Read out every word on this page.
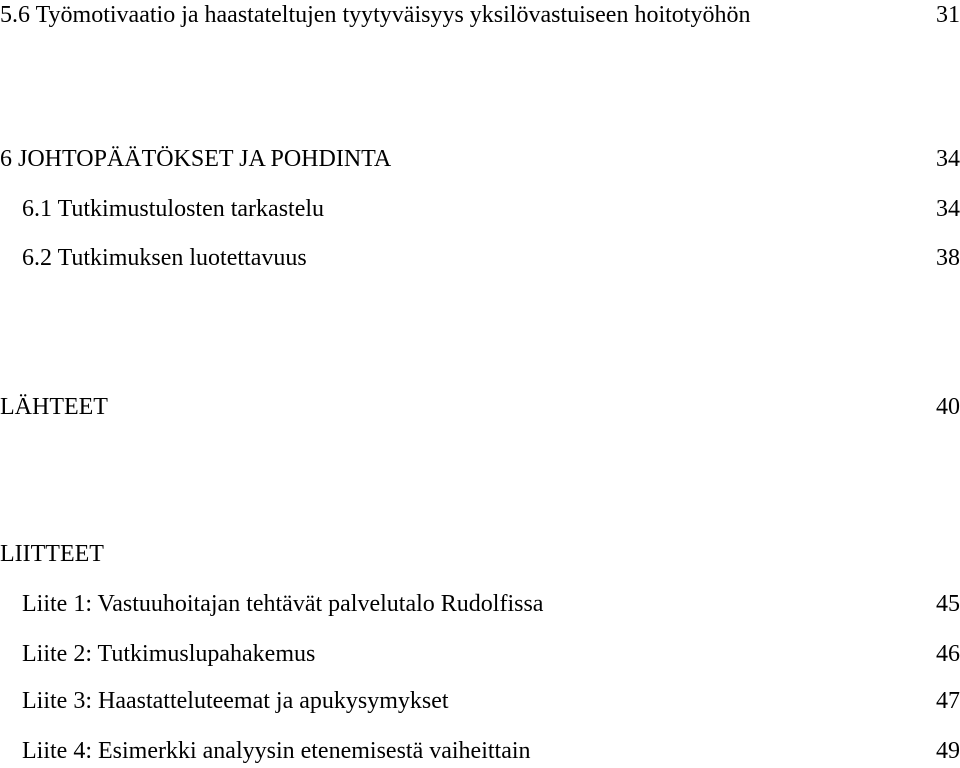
5.6 Työmotivaatio ja haastateltujen tyytyväisyys yksilövastuiseen hoitotyöhön	31
6 JOHTOPÄÄTÖKSET JA POHDINTA	34
6.1 Tutkimustulosten tarkastelu	34
6.2 Tutkimuksen luotettavuus	38
LÄHTEET	40
LIITTEET
Liite 1: Vastuuhoitajan tehtävät palvelutalo Rudolfissa	45
Liite 2: Tutkimuslupahakemus	46
Liite 3: Haastatteluteemat ja apukysymykset	47
Liite 4: Esimerkki analyysin etenemisestä vaiheittain	49
